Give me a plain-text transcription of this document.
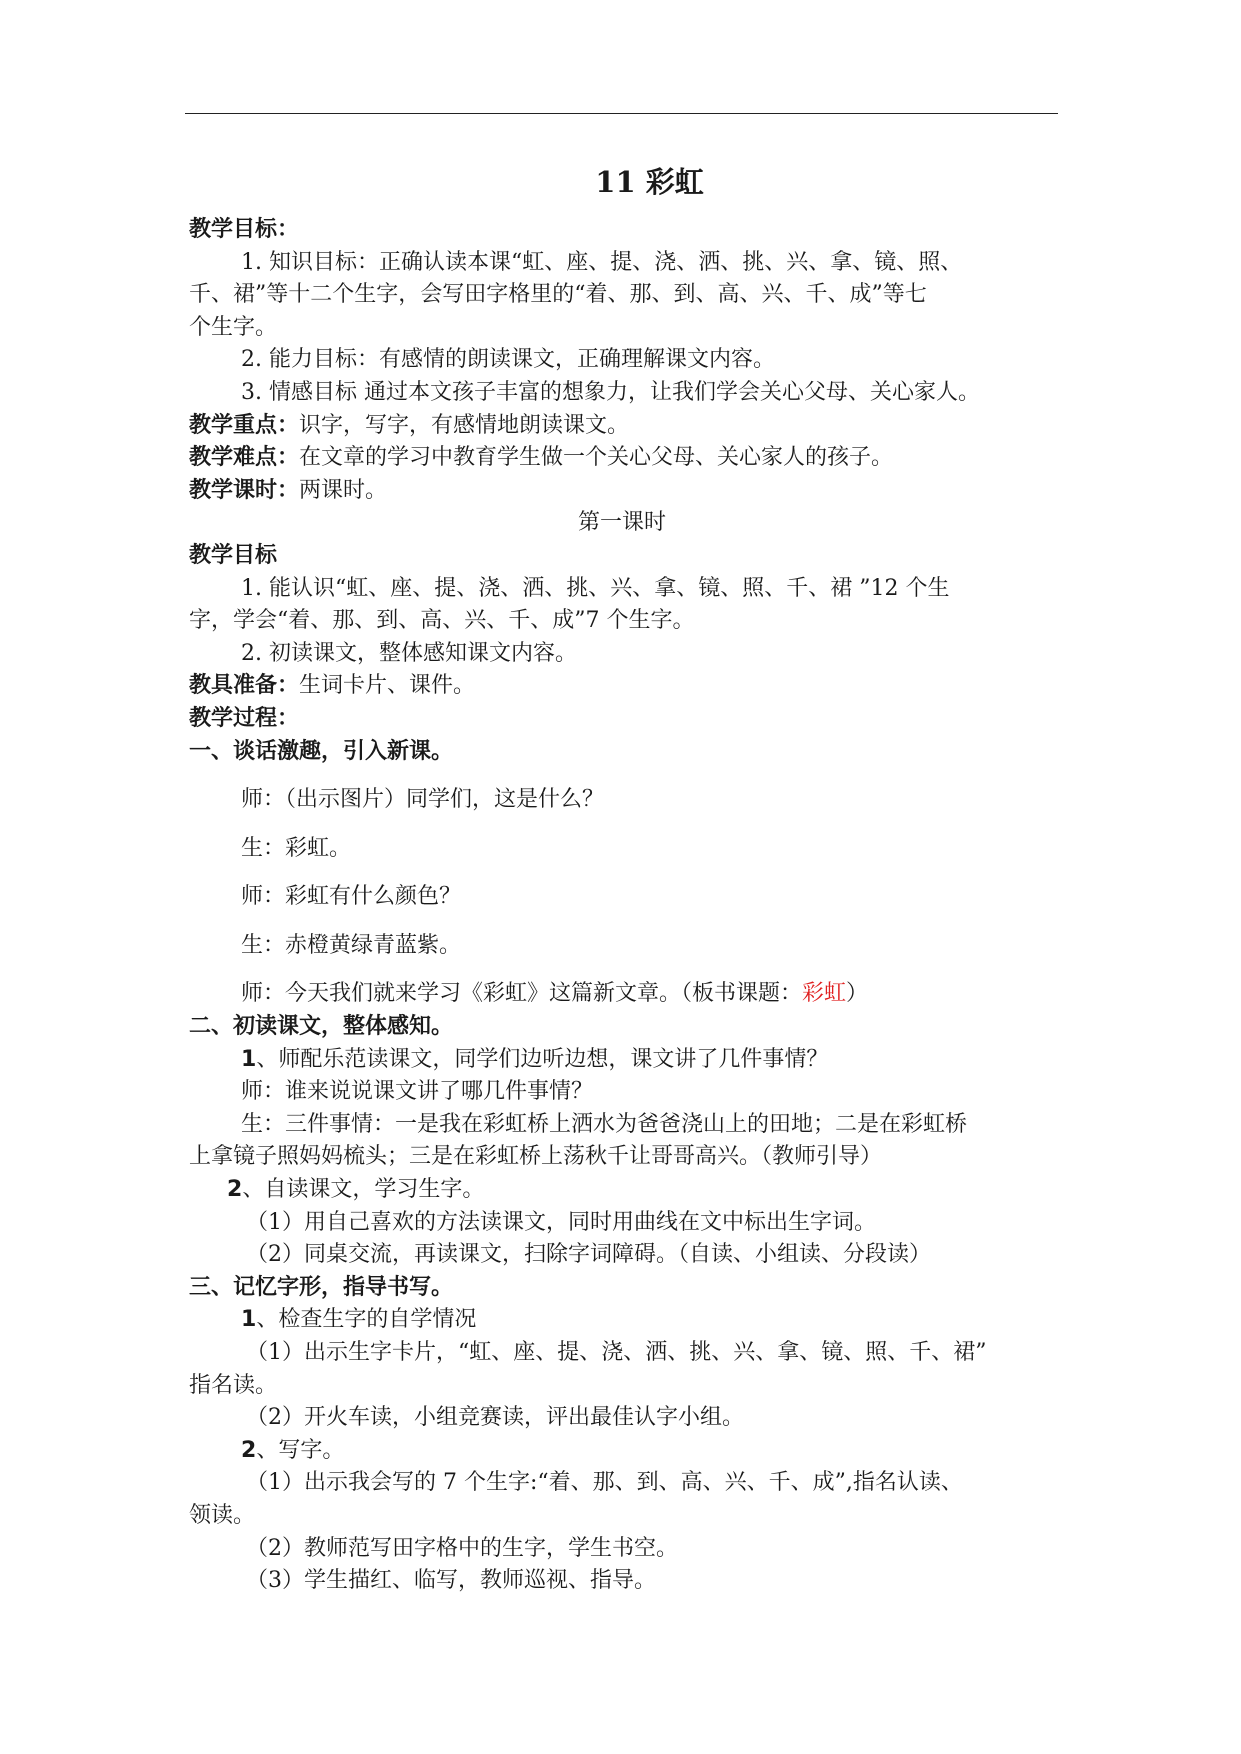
11 彩虹
教学目标：
1. 知识目标：正确认读本课“虹、座、提、浇、洒、挑、兴、拿、镜、照、
千、裙”等十二个生字，会写田字格里的“着、那、到、高、兴、千、成”等七
个生字。
2. 能力目标：有感情的朗读课文，正确理解课文内容。
3. 情感目标 通过本文孩子丰富的想象力，让我们学会关心父母、关心家人。
教学重点：识字，写字，有感情地朗读课文。
教学难点：在文章的学习中教育学生做一个关心父母、关心家人的孩子。
教学课时：两课时。
第一课时
教学目标
1. 能认识“虹、座、提、浇、洒、挑、兴、拿、镜、照、千、裙 ”12 个生
字，学会“着、那、到、高、兴、千、成”7 个生字。
2. 初读课文，整体感知课文内容。
教具准备：生词卡片、课件。
教学过程：
一、谈话激趣，引入新课。
师：（出示图片）同学们，这是什么？
生：彩虹。
师：彩虹有什么颜色？
生：赤橙黄绿青蓝紫。
师：今天我们就来学习《彩虹》这篇新文章。（板书课题：彩虹）
二、初读课文，整体感知。
1、师配乐范读课文，同学们边听边想，课文讲了几件事情？
师：谁来说说课文讲了哪几件事情？
生：三件事情：一是我在彩虹桥上洒水为爸爸浇山上的田地；二是在彩虹桥
上拿镜子照妈妈梳头；三是在彩虹桥上荡秋千让哥哥高兴。（教师引导）
2、自读课文，学习生字。
（1）用自己喜欢的方法读课文，同时用曲线在文中标出生字词。
（2）同桌交流，再读课文，扫除字词障碍。（自读、小组读、分段读）
三、记忆字形，指导书写。
1、检查生字的自学情况
（1）出示生字卡片，“虹、座、提、浇、洒、挑、兴、拿、镜、照、千、裙”
指名读。
（2）开火车读，小组竞赛读，评出最佳认字小组。
2、写字。
（1）出示我会写的 7 个生字:“着、那、到、高、兴、千、成”,指名认读、
领读。
（2）教师范写田字格中的生字，学生书空。
（3）学生描红、临写，教师巡视、指导。
